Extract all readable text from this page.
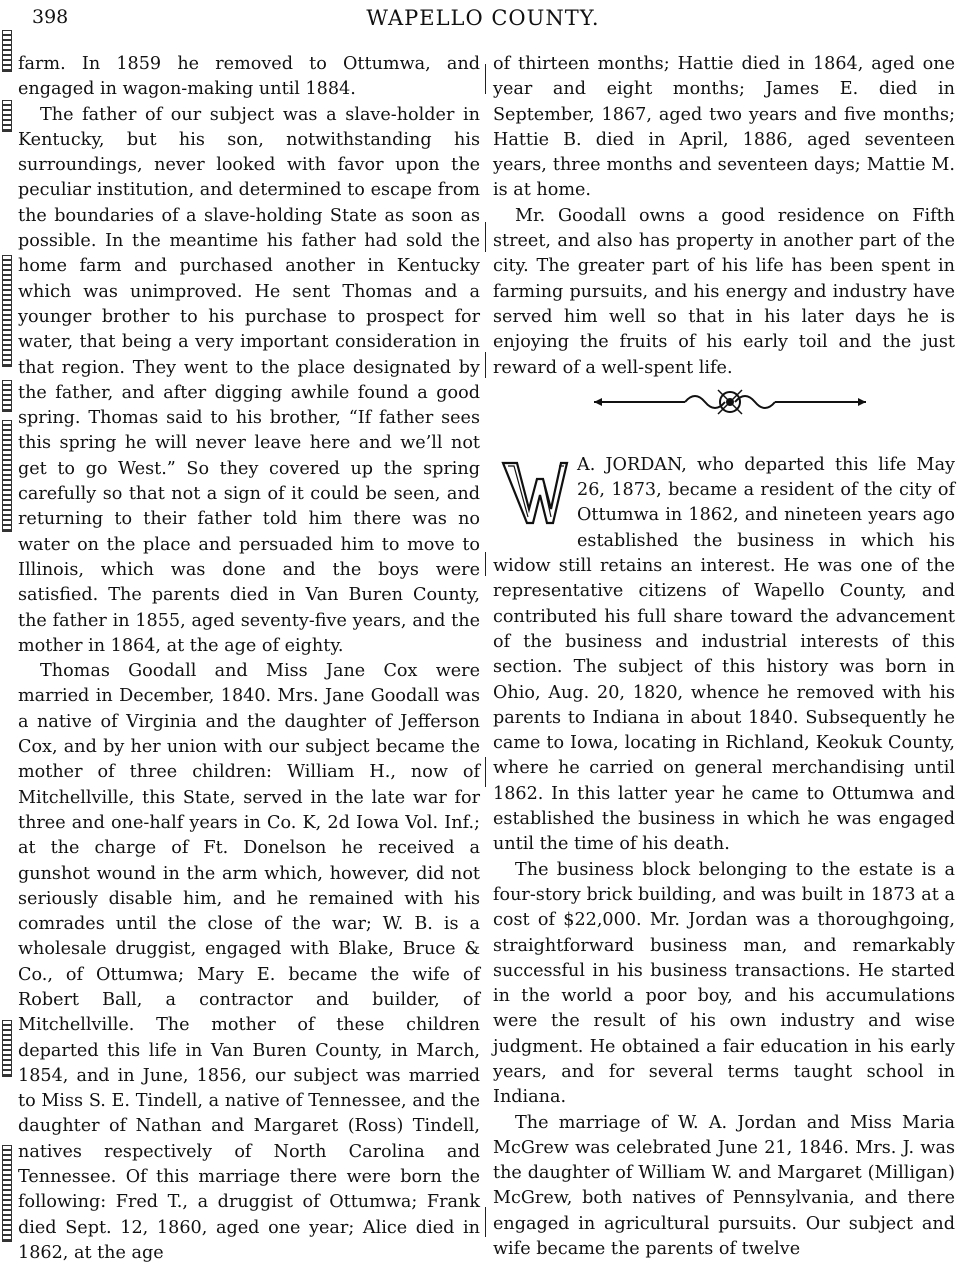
398	WAPELLO COUNTY.

farm. In 1859 he removed to Ottumwa, and engaged in wagon-making until 1884.

The father of our subject was a slave-holder in Kentucky, but his son, notwithstanding his surroundings, never looked with favor upon the peculiar institution, and determined to escape from the boundaries of a slave-holding State as soon as possible. In the meantime his father had sold the home farm and purchased another in Kentucky which was unimproved. He sent Thomas and a younger brother to his purchase to prospect for water, that being a very important consideration in that region. They went to the place designated by the father, and after digging awhile found a good spring. Thomas said to his brother, “If father sees this spring he will never leave here and we’ll not get to go West.” So they covered up the spring carefully so that not a sign of it could be seen, and returning to their father told him there was no water on the place and persuaded him to move to Illinois, which was done and the boys were satisfied. The parents died in Van Buren County, the father in 1855, aged seventy-five years, and the mother in 1864, at the age of eighty.

Thomas Goodall and Miss Jane Cox were married in December, 1840. Mrs. Jane Goodall was a native of Virginia and the daughter of Jefferson Cox, and by her union with our subject became the mother of three children: William H., now of Mitchellville, this State, served in the late war for three and one-half years in Co. K, 2d Iowa Vol. Inf.; at the charge of Ft. Donelson he received a gunshot wound in the arm which, however, did not seriously disable him, and he remained with his comrades until the close of the war; W. B. is a wholesale druggist, engaged with Blake, Bruce & Co., of Ottumwa; Mary E. became the wife of Robert Ball, a contractor and builder, of Mitchellville. The mother of these children departed this life in Van Buren County, in March, 1854, and in June, 1856, our subject was married to Miss S. E. Tindell, a native of Tennessee, and the daughter of Nathan and Margaret (Ross) Tindell, natives respectively of North Carolina and Tennessee. Of this marriage there were born the following: Fred T., a druggist of Ottumwa; Frank died Sept. 12, 1860, aged one year; Alice died in 1862, at the age

of thirteen months; Hattie died in 1864, aged one year and eight months; James E. died in September, 1867, aged two years and five months; Hattie B. died in April, 1886, aged seventeen years, three months and seventeen days; Mattie M. is at home.

Mr. Goodall owns a good residence on Fifth street, and also has property in another part of the city. The greater part of his life has been spent in farming pursuits, and his energy and industry have served him well so that in his later days he is enjoying the fruits of his early toil and the just reward of a well-spent life.

A. JORDAN, who departed this life May 26, 1873, became a resident of the city of Ottumwa in 1862, and nineteen years ago established the business in which his widow still retains an interest. He was one of the representative citizens of Wapello County, and contributed his full share toward the advancement of the business and industrial interests of this section. The subject of this history was born in Ohio, Aug. 20, 1820, whence he removed with his parents to Indiana in about 1840. Subsequently he came to Iowa, locating in Richland, Keokuk County, where he carried on general merchandising until 1862. In this latter year he came to Ottumwa and established the business in which he was engaged until the time of his death.

The business block belonging to the estate is a four-story brick building, and was built in 1873 at a cost of $22,000. Mr. Jordan was a thoroughgoing, straightforward business man, and remarkably successful in his business transactions. He started in the world a poor boy, and his accumulations were the result of his own industry and wise judgment. He obtained a fair education in his early years, and for several terms taught school in Indiana.

The marriage of W. A. Jordan and Miss Maria McGrew was celebrated June 21, 1846. Mrs. J. was the daughter of William W. and Margaret (Milligan) McGrew, both natives of Pennsylvania, and there engaged in agricultural pursuits. Our subject and wife became the parents of twelve
